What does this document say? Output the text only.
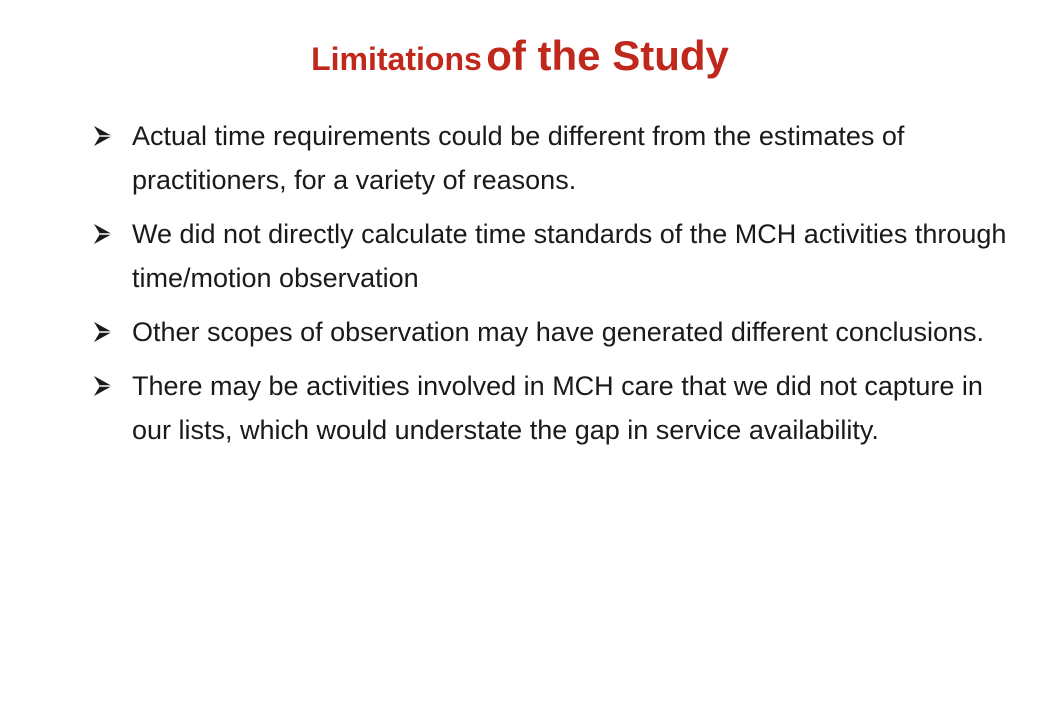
Limitations of the Study
Actual time requirements could be different from the estimates of practitioners, for a variety of reasons.
We did not directly calculate time standards of the MCH activities through time/motion observation
Other scopes of observation may have generated different conclusions.
There may be activities involved in MCH care that we did not capture in our lists, which would understate the gap in service availability.
